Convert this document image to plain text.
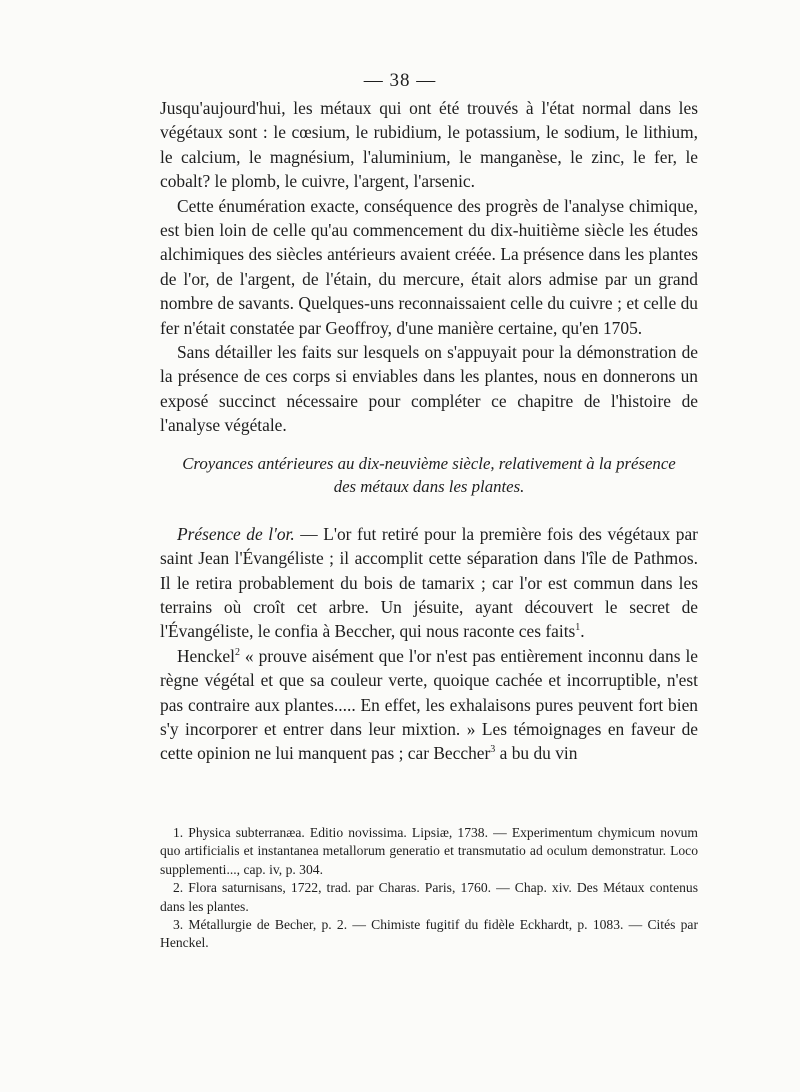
— 38 —

Jusqu'aujourd'hui, les métaux qui ont été trouvés à l'état normal dans les végétaux sont : le cœsium, le rubidium, le potassium, le sodium, le lithium, le calcium, le magnésium, l'aluminium, le manganèse, le zinc, le fer, le cobalt? le plomb, le cuivre, l'argent, l'arsenic.

Cette énumération exacte, conséquence des progrès de l'analyse chimique, est bien loin de celle qu'au commencement du dix-huitième siècle les études alchimiques des siècles antérieurs avaient créée. La présence dans les plantes de l'or, de l'argent, de l'étain, du mercure, était alors admise par un grand nombre de savants. Quelques-uns reconnaissaient celle du cuivre ; et celle du fer n'était constatée par Geoffroy, d'une manière certaine, qu'en 1705.

Sans détailler les faits sur lesquels on s'appuyait pour la démonstration de la présence de ces corps si enviables dans les plantes, nous en donnerons un exposé succinct nécessaire pour compléter ce chapitre de l'histoire de l'analyse végétale.

Croyances antérieures au dix-neuvième siècle, relativement à la présence
des métaux dans les plantes.

Présence de l'or. — L'or fut retiré pour la première fois des végétaux par saint Jean l'Évangéliste ; il accomplit cette séparation dans l'île de Pathmos. Il le retira probablement du bois de tamarix ; car l'or est commun dans les terrains où croît cet arbre. Un jésuite, ayant découvert le secret de l'Évangéliste, le confia à Beccher, qui nous raconte ces faits$^1$.

Henckel$^2$ « prouve aisément que l'or n'est pas entièrement inconnu dans le règne végétal et que sa couleur verte, quoique cachée et incorruptible, n'est pas contraire aux plantes..... En effet, les exhalaisons pures peuvent fort bien s'y incorporer et entrer dans leur mixtion. » Les témoignages en faveur de cette opinion ne lui manquent pas ; car Beccher$^3$ a bu du vin

1. Physica subterranæa. Editio novissima. Lipsiæ, 1738. — Experimentum chymicum novum quo artificialis et instantanea metallorum generatio et transmutatio ad oculum demonstratur. Loco supplementi..., cap. iv, p. 304.

2. Flora saturnisans, 1722, trad. par Charas. Paris, 1760. — Chap. xiv. Des Métaux contenus dans les plantes.

3. Métallurgie de Becher, p. 2. — Chimiste fugitif du fidèle Eckhardt, p. 1083. — Cités par Henckel.
